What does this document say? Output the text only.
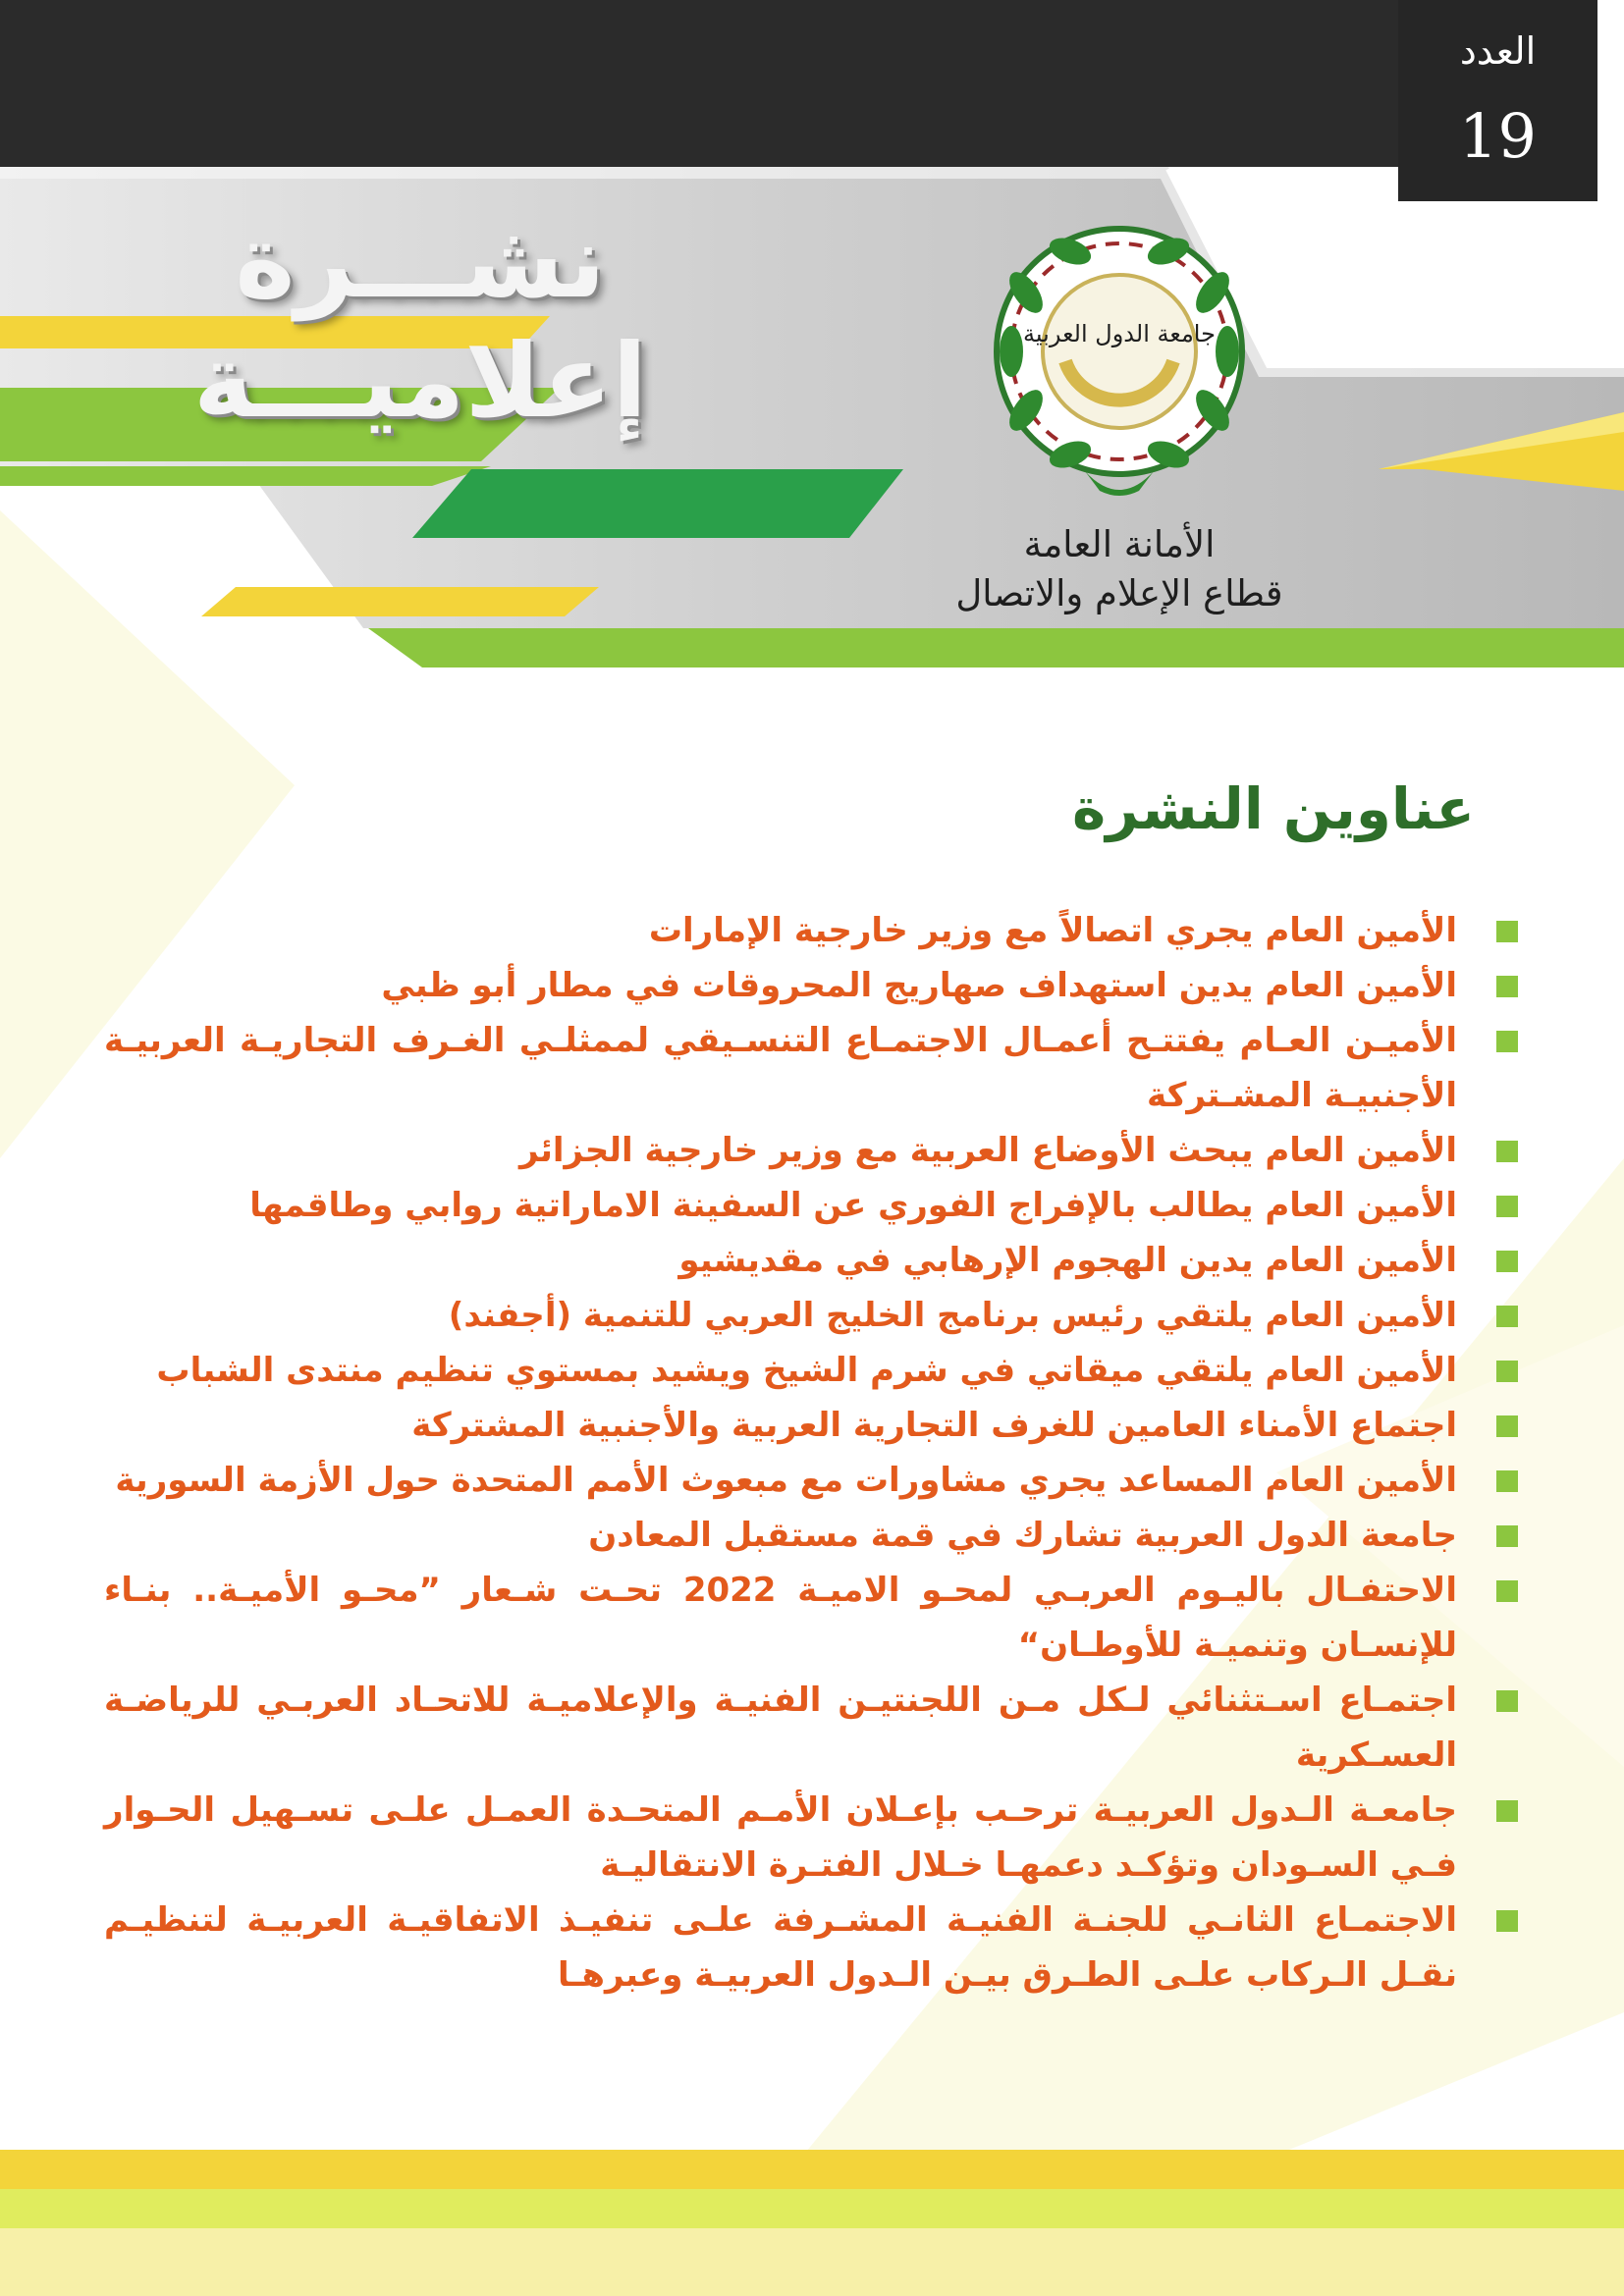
العدد
19
نشـــرة إعلاميـــة	جامعة الدول العربية
الأمانة العامة
قطاع الإعلام والاتصال
عناوين النشرة
الأمين العام يجري اتصالاً مع وزير خارجية الإمارات
الأمين العام يدين استهداف صهاريج المحروقات في مطار أبو ظبي
الأميـن العـام يفتتـح أعمـال الاجتمـاع التنسـيقي لممثلـي الغـرف التجاريـة العربيـة الأجنبيـة المشـتركة
الأمين العام يبحث الأوضاع العربية مع وزير خارجية الجزائر
الأمين العام يطالب بالإفراج الفوري عن السفينة الاماراتية روابي وطاقمها
الأمين العام يدين الهجوم الإرهابي في مقديشيو
الأمين العام يلتقي رئيس برنامج الخليج العربي للتنمية (أجفند)
الأمين العام يلتقي ميقاتي في شرم الشيخ ويشيد بمستوي تنظيم منتدى الشباب
اجتماع الأمناء العامين للغرف التجارية العربية والأجنبية المشتركة
الأمين العام المساعد يجري مشاورات مع مبعوث الأمم المتحدة حول الأزمة السورية
جامعة الدول العربية تشارك في قمة مستقبل المعادن
الاحتفـال باليـوم العربـي لمحـو الاميـة 2022 تحـت شـعار ”محـو الأميـة.. بنـاء للإنسـان وتنميـة للأوطـان“
اجتمـاع اسـتثنائي لـكل مـن اللجنتيـن الفنيـة والإعلاميـة للاتحـاد العربـي للرياضـة العسـكرية
جامعـة الـدول العربيـة ترحـب بإعـلان الأمـم المتحـدة العمـل علـى تسـهيل الحـوار فـي السـودان وتؤكـد دعمهـا خـلال الفتـرة الانتقاليـة
الاجتمـاع الثانـي للجنـة الفنيـة المشـرفة علـى تنفيـذ الاتفاقيـة العربيـة لتنظيـم نقـل الـركاب علـى الطـرق بيـن الـدول العربيـة وعبرهـا
